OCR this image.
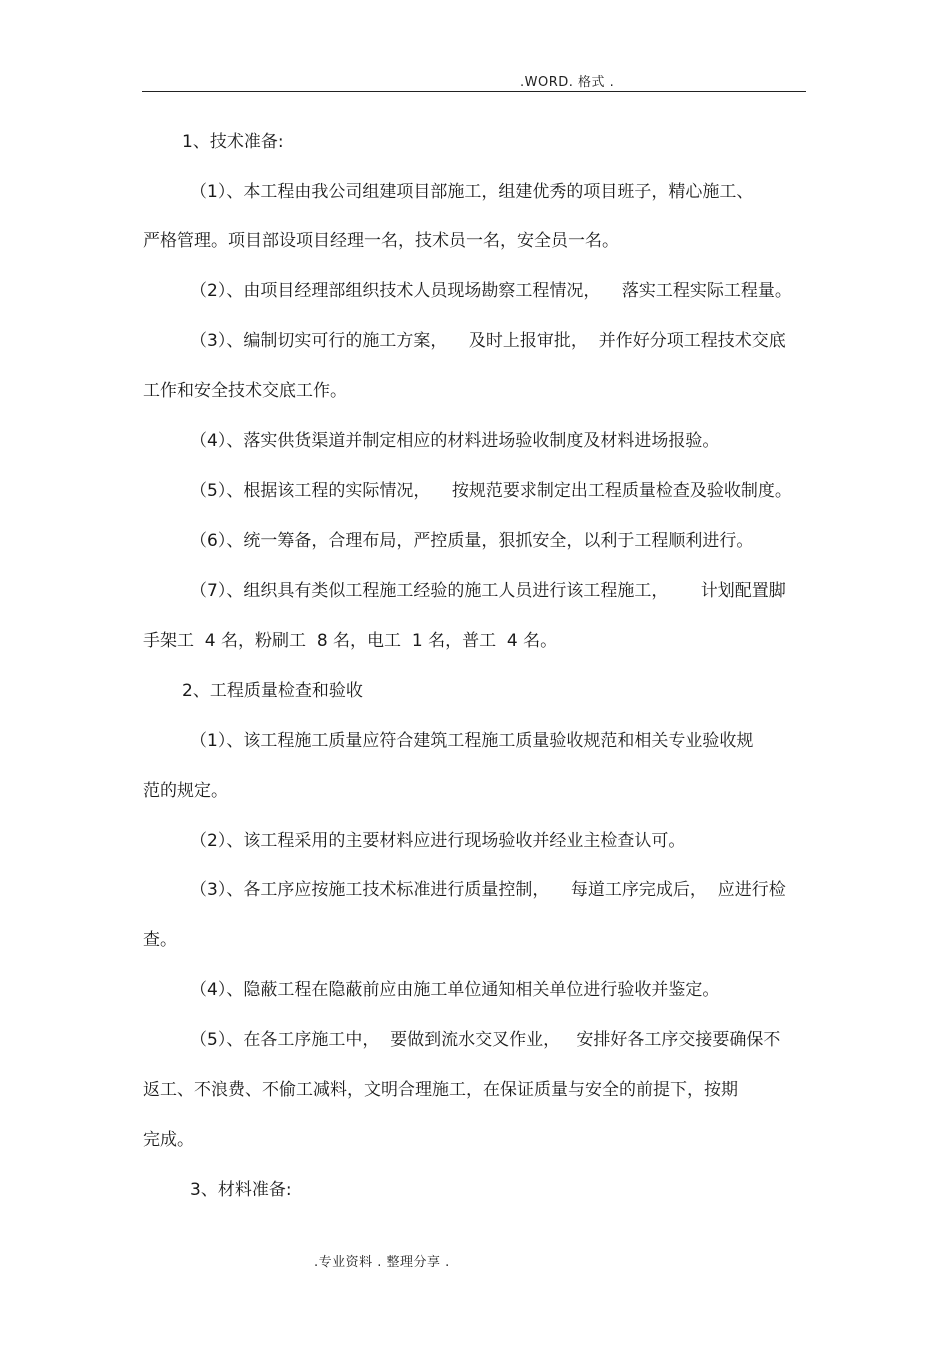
.WORD. 格式 .
1、技术准备:
（1）、本工程由我公司组建项目部施工，组建优秀的项目班子，精心施工、
严格管理。项目部设项目经理一名，技术员一名，安全员一名。
（2）、由项目经理部组织技术人员现场勘察工程情况，    落实工程实际工程量。
（3）、编制切实可行的施工方案，    及时上报审批，  并作好分项工程技术交底
工作和安全技术交底工作。
（4）、落实供货渠道并制定相应的材料进场验收制度及材料进场报验。
（5）、根据该工程的实际情况，    按规范要求制定出工程质量检查及验收制度。
（6）、统一筹备，合理布局，严控质量，狠抓安全，以利于工程顺利进行。
（7）、组织具有类似工程施工经验的施工人员进行该工程施工，      计划配置脚
手架工  4 名，粉刷工  8 名，电工  1 名，普工  4 名。
2、工程质量检查和验收
（1）、该工程施工质量应符合建筑工程施工质量验收规范和相关专业验收规
范的规定。
（2）、该工程采用的主要材料应进行现场验收并经业主检查认可。
（3）、各工序应按施工技术标准进行质量控制，    每道工序完成后，  应进行检
查。
（4）、隐蔽工程在隐蔽前应由施工单位通知相关单位进行验收并鉴定。
（5）、在各工序施工中，  要做到流水交叉作业，   安排好各工序交接要确保不
返工、不浪费、不偷工减料，文明合理施工，在保证质量与安全的前提下，按期
完成。
3、材料准备:
.专业资料 . 整理分享 .
